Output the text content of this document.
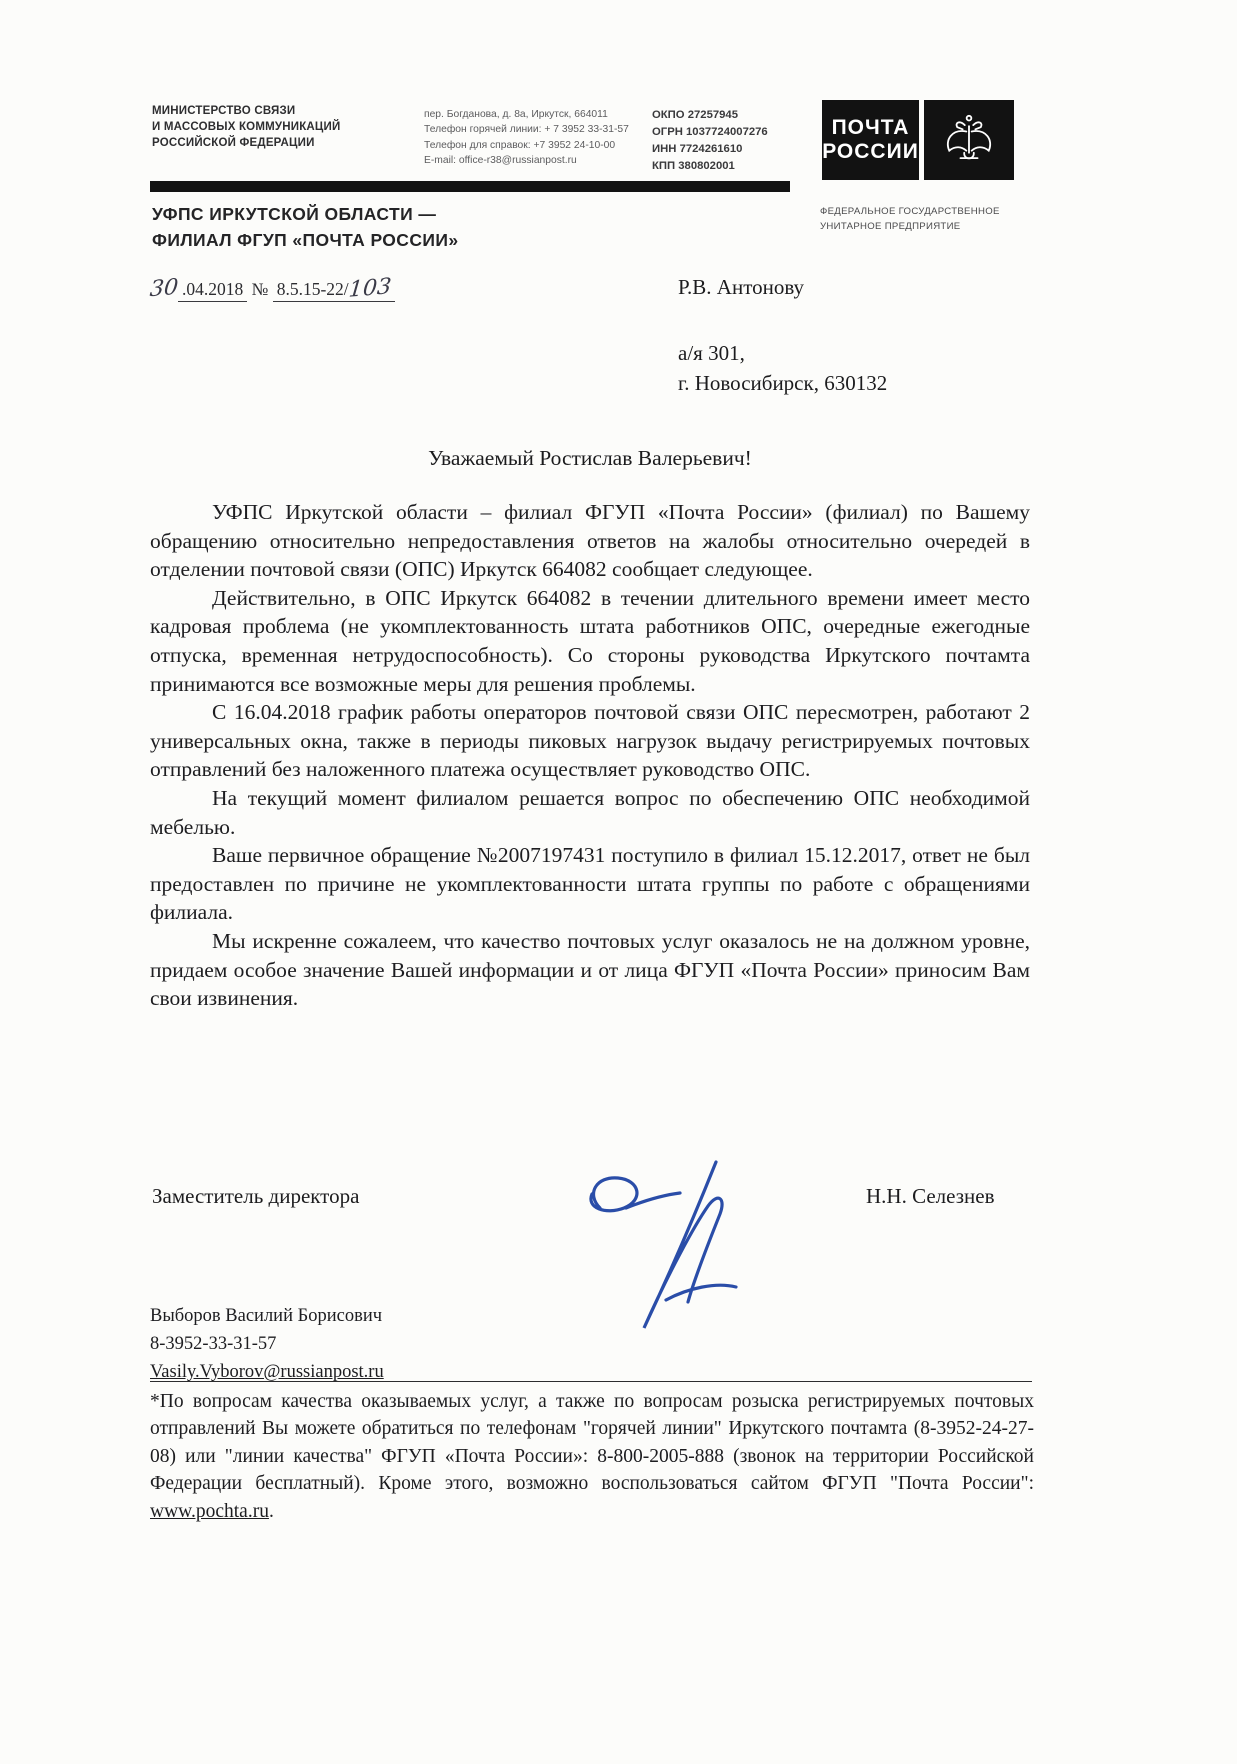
МИНИСТЕРСТВО СВЯЗИ
И МАССОВЫХ КОММУНИКАЦИЙ
РОССИЙСКОЙ ФЕДЕРАЦИИ
пер. Богданова, д. 8а, Иркутск, 664011
Телефон горячей линии: + 7 3952 33-31-57
Телефон для справок: +7 3952 24-10-00
E-mail: office-r38@russianpost.ru
ОКПО 27257945
ОГРН 1037724007276
ИНН 7724261610
КПП 380802001
ПОЧТА
РОССИИ
ФЕДЕРАЛЬНОЕ ГОСУДАРСТВЕННОЕ
УНИТАРНОЕ ПРЕДПРИЯТИЕ
УФПС ИРКУТСКОЙ ОБЛАСТИ —
ФИЛИАЛ ФГУП «ПОЧТА РОССИИ»
30 .04.2018 № 8.5.15-22/103	Р.В. Антонову
а/я 301,
г. Новосибирск, 630132
Уважаемый Ростислав Валерьевич!

УФПС Иркутской области – филиал ФГУП «Почта России» (филиал) по Вашему обращению относительно непредоставления ответов на жалобы относительно очередей в отделении почтовой связи (ОПС) Иркутск 664082 сообщает следующее.

Действительно, в ОПС Иркутск 664082 в течении длительного времени имеет место кадровая проблема (не укомплектованность штата работников ОПС, очередные ежегодные отпуска, временная нетрудоспособность). Со стороны руководства Иркутского почтамта принимаются все возможные меры для решения проблемы.

С 16.04.2018 график работы операторов почтовой связи ОПС пересмотрен, работают 2 универсальных окна, также в периоды пиковых нагрузок выдачу регистрируемых почтовых отправлений без наложенного платежа осуществляет руководство ОПС.

На текущий момент филиалом решается вопрос по обеспечению ОПС необходимой мебелью.

Ваше первичное обращение №2007197431 поступило в филиал 15.12.2017, ответ не был предоставлен по причине не укомплектованности штата группы по работе с обращениями филиала.

Мы искренне сожалеем, что качество почтовых услуг оказалось не на должном уровне, придаем особое значение Вашей информации и от лица ФГУП «Почта России» приносим Вам свои извинения.

Заместитель директора	Н.Н. Селезнев
Выборов Василий Борисович
8-3952-33-31-57
Vasily.Vyborov@russianpost.ru
*По вопросам качества оказываемых услуг, а также по вопросам розыска регистрируемых почтовых отправлений Вы можете обратиться по телефонам "горячей линии" Иркутского почтамта (8-3952-24-27-08) или "линии качества" ФГУП «Почта России»: 8-800-2005-888 (звонок на территории Российской Федерации бесплатный). Кроме этого, возможно воспользоваться сайтом ФГУП "Почта России": www.pochta.ru.
